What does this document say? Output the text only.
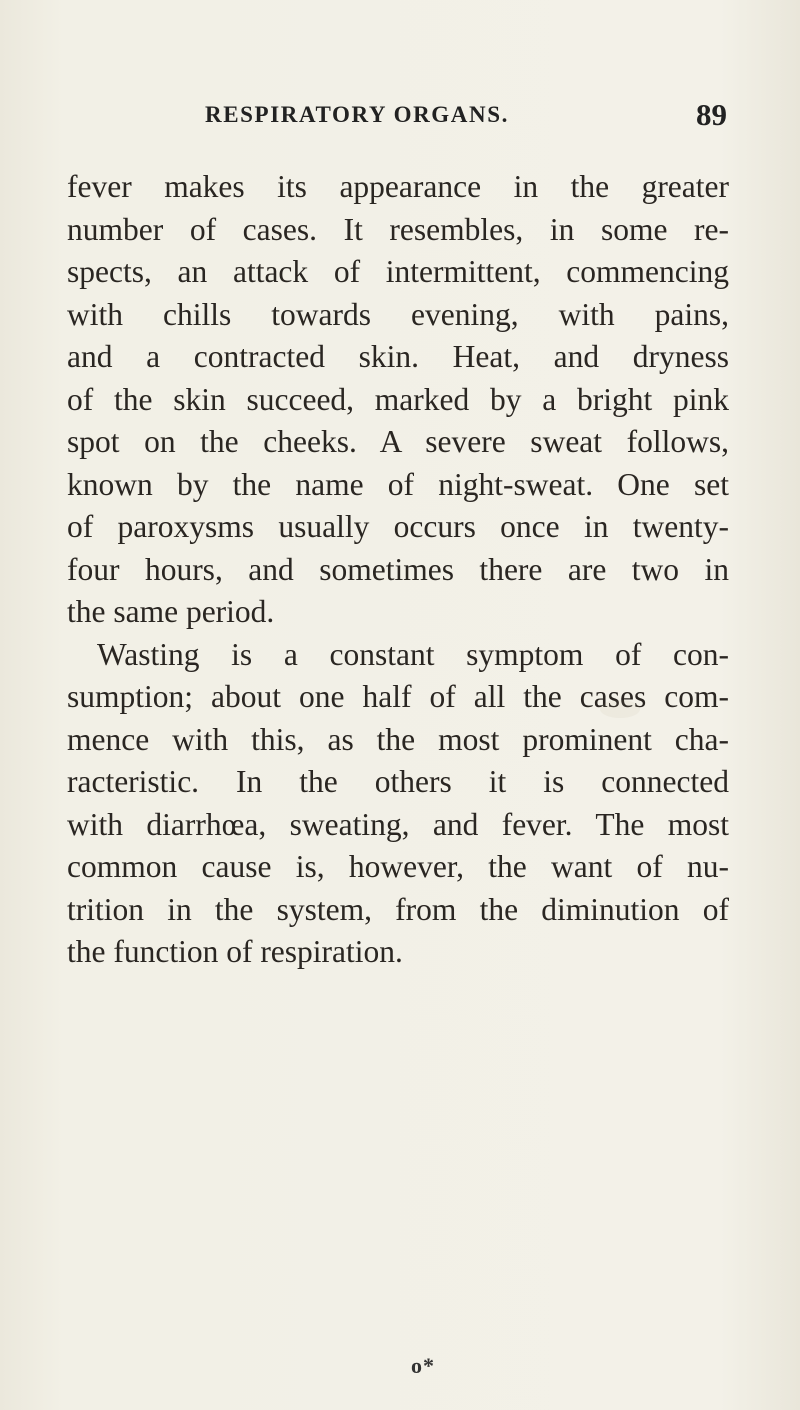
RESPIRATORY ORGANS.	89
fever makes its appearance in the greater
number of cases. It resembles, in some re-
spects, an attack of intermittent, commencing
with chills towards evening, with pains,
and a contracted skin. Heat, and dryness
of the skin succeed, marked by a bright pink
spot on the cheeks. A severe sweat follows,
known by the name of night-sweat. One set
of paroxysms usually occurs once in twenty-
four hours, and sometimes there are two in
the same period.
Wasting is a constant symptom of con-
sumption; about one half of all the cases com-
mence with this, as the most prominent cha-
racteristic. In the others it is connected
with diarrhœa, sweating, and fever. The most
common cause is, however, the want of nu-
trition in the system, from the diminution of
the function of respiration.
o*
